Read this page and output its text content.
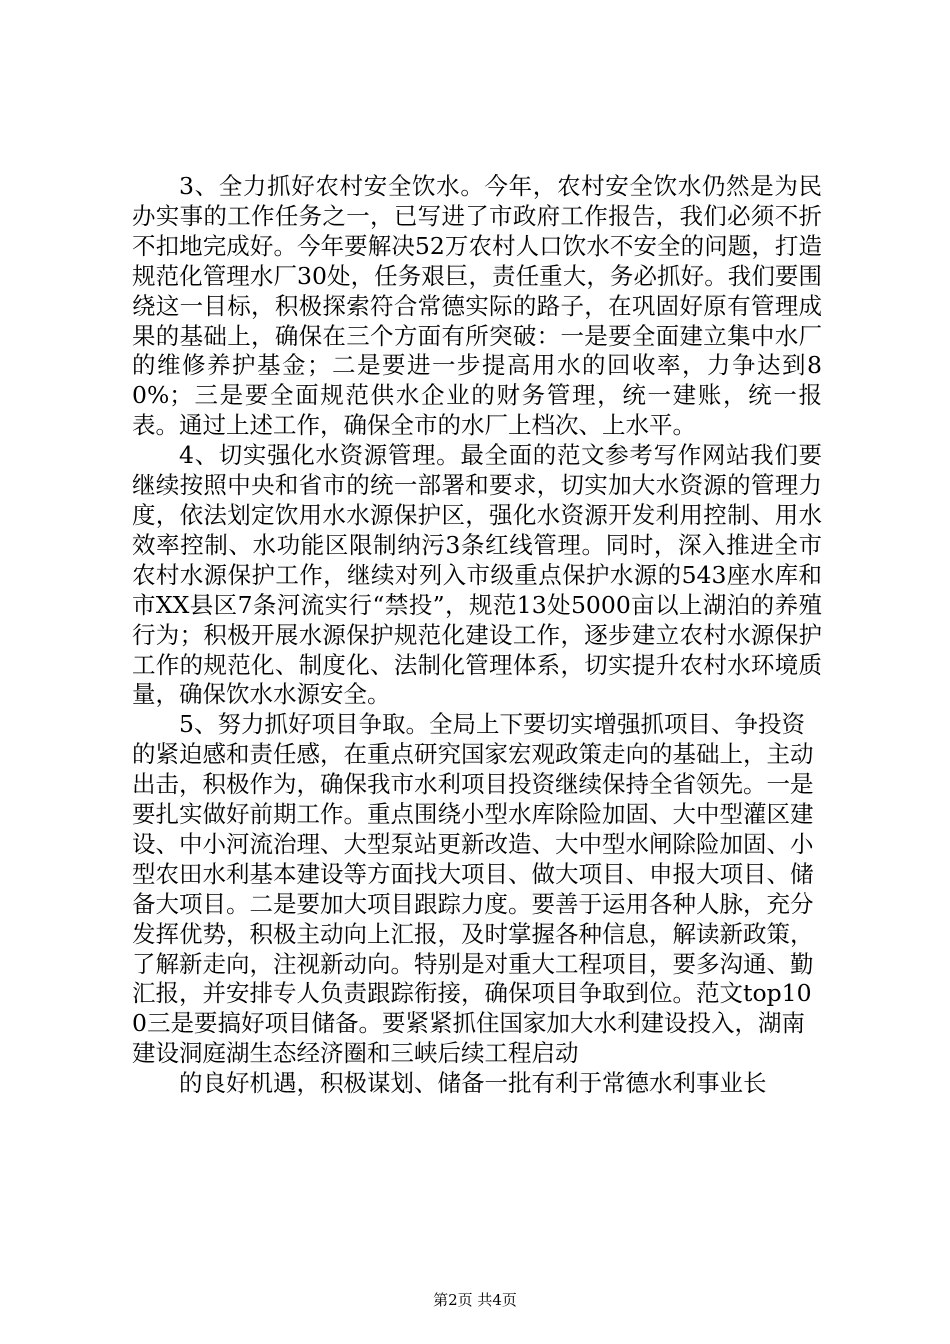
3、全力抓好农村安全饮水。今年，农村安全饮水仍然是为民办实事的工作任务之一，已写进了市政府工作报告，我们必须不折不扣地完成好。今年要解决52万农村人口饮水不安全的问题，打造规范化管理水厂30处，任务艰巨，责任重大，务必抓好。我们要围绕这一目标，积极探索符合常德实际的路子，在巩固好原有管理成果的基础上，确保在三个方面有所突破：一是要全面建立集中水厂的维修养护基金；二是要进一步提高用水的回收率，力争达到80%；三是要全面规范供水企业的财务管理，统一建账，统一报表。通过上述工作，确保全市的水厂上档次、上水平。

4、切实强化水资源管理。最全面的范文参考写作网站我们要继续按照中央和省市的统一部署和要求，切实加大水资源的管理力度，依法划定饮用水水源保护区，强化水资源开发利用控制、用水效率控制、水功能区限制纳污3条红线管理。同时，深入推进全市农村水源保护工作，继续对列入市级重点保护水源的543座水库和市XX县区7条河流实行“禁投”，规范13处5000亩以上湖泊的养殖行为；积极开展水源保护规范化建设工作，逐步建立农村水源保护工作的规范化、制度化、法制化管理体系，切实提升农村水环境质量，确保饮水水源安全。

5、努力抓好项目争取。全局上下要切实增强抓项目、争投资的紧迫感和责任感，在重点研究国家宏观政策走向的基础上，主动出击，积极作为，确保我市水利项目投资继续保持全省领先。一是要扎实做好前期工作。重点围绕小型水库除险加固、大中型灌区建设、中小河流治理、大型泵站更新改造、大中型水闸除险加固、小型农田水利基本建设等方面找大项目、做大项目、申报大项目、储备大项目。二是要加大项目跟踪力度。要善于运用各种人脉，充分发挥优势，积极主动向上汇报，及时掌握各种信息，解读新政策，了解新走向，注视新动向。特别是对重大工程项目，要多沟通、勤汇报，并安排专人负责跟踪衔接，确保项目争取到位。范文top100三是要搞好项目储备。要紧紧抓住国家加大水利建设投入，湖南建设洞庭湖生态经济圈和三峡后续工程启动

的良好机遇，积极谋划、储备一批有利于常德水利事业长

第2页 共4页
